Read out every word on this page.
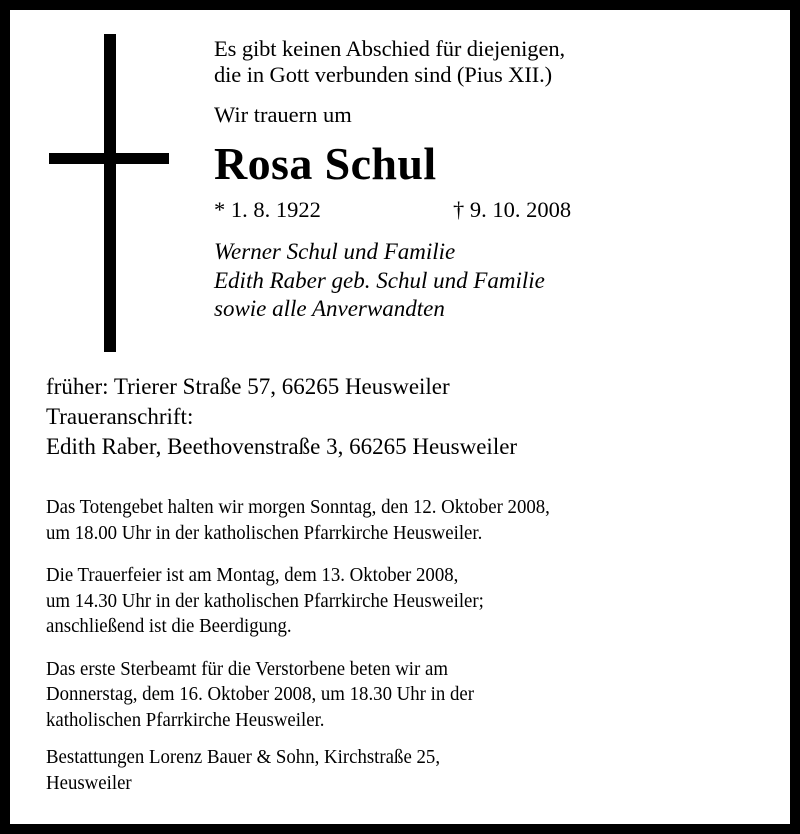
Es gibt keinen Abschied für diejenigen,
die in Gott verbunden sind (Pius XII.)
Wir trauern um
Rosa Schul
* 1. 8. 1922	† 9. 10. 2008
Werner Schul und Familie
Edith Raber geb. Schul und Familie
sowie alle Anverwandten
früher: Trierer Straße 57, 66265 Heusweiler
Traueranschrift:
Edith Raber, Beethovenstraße 3, 66265 Heusweiler

Das Totengebet halten wir morgen Sonntag, den 12. Oktober 2008,
um 18.00 Uhr in der katholischen Pfarrkirche Heusweiler.

Die Trauerfeier ist am Montag, dem 13. Oktober 2008,
um 14.30 Uhr in der katholischen Pfarrkirche Heusweiler;
anschließend ist die Beerdigung.

Das erste Sterbeamt für die Verstorbene beten wir am
Donnerstag, dem 16. Oktober 2008, um 18.30 Uhr in der
katholischen Pfarrkirche Heusweiler.

Bestattungen Lorenz Bauer & Sohn, Kirchstraße 25,
Heusweiler
